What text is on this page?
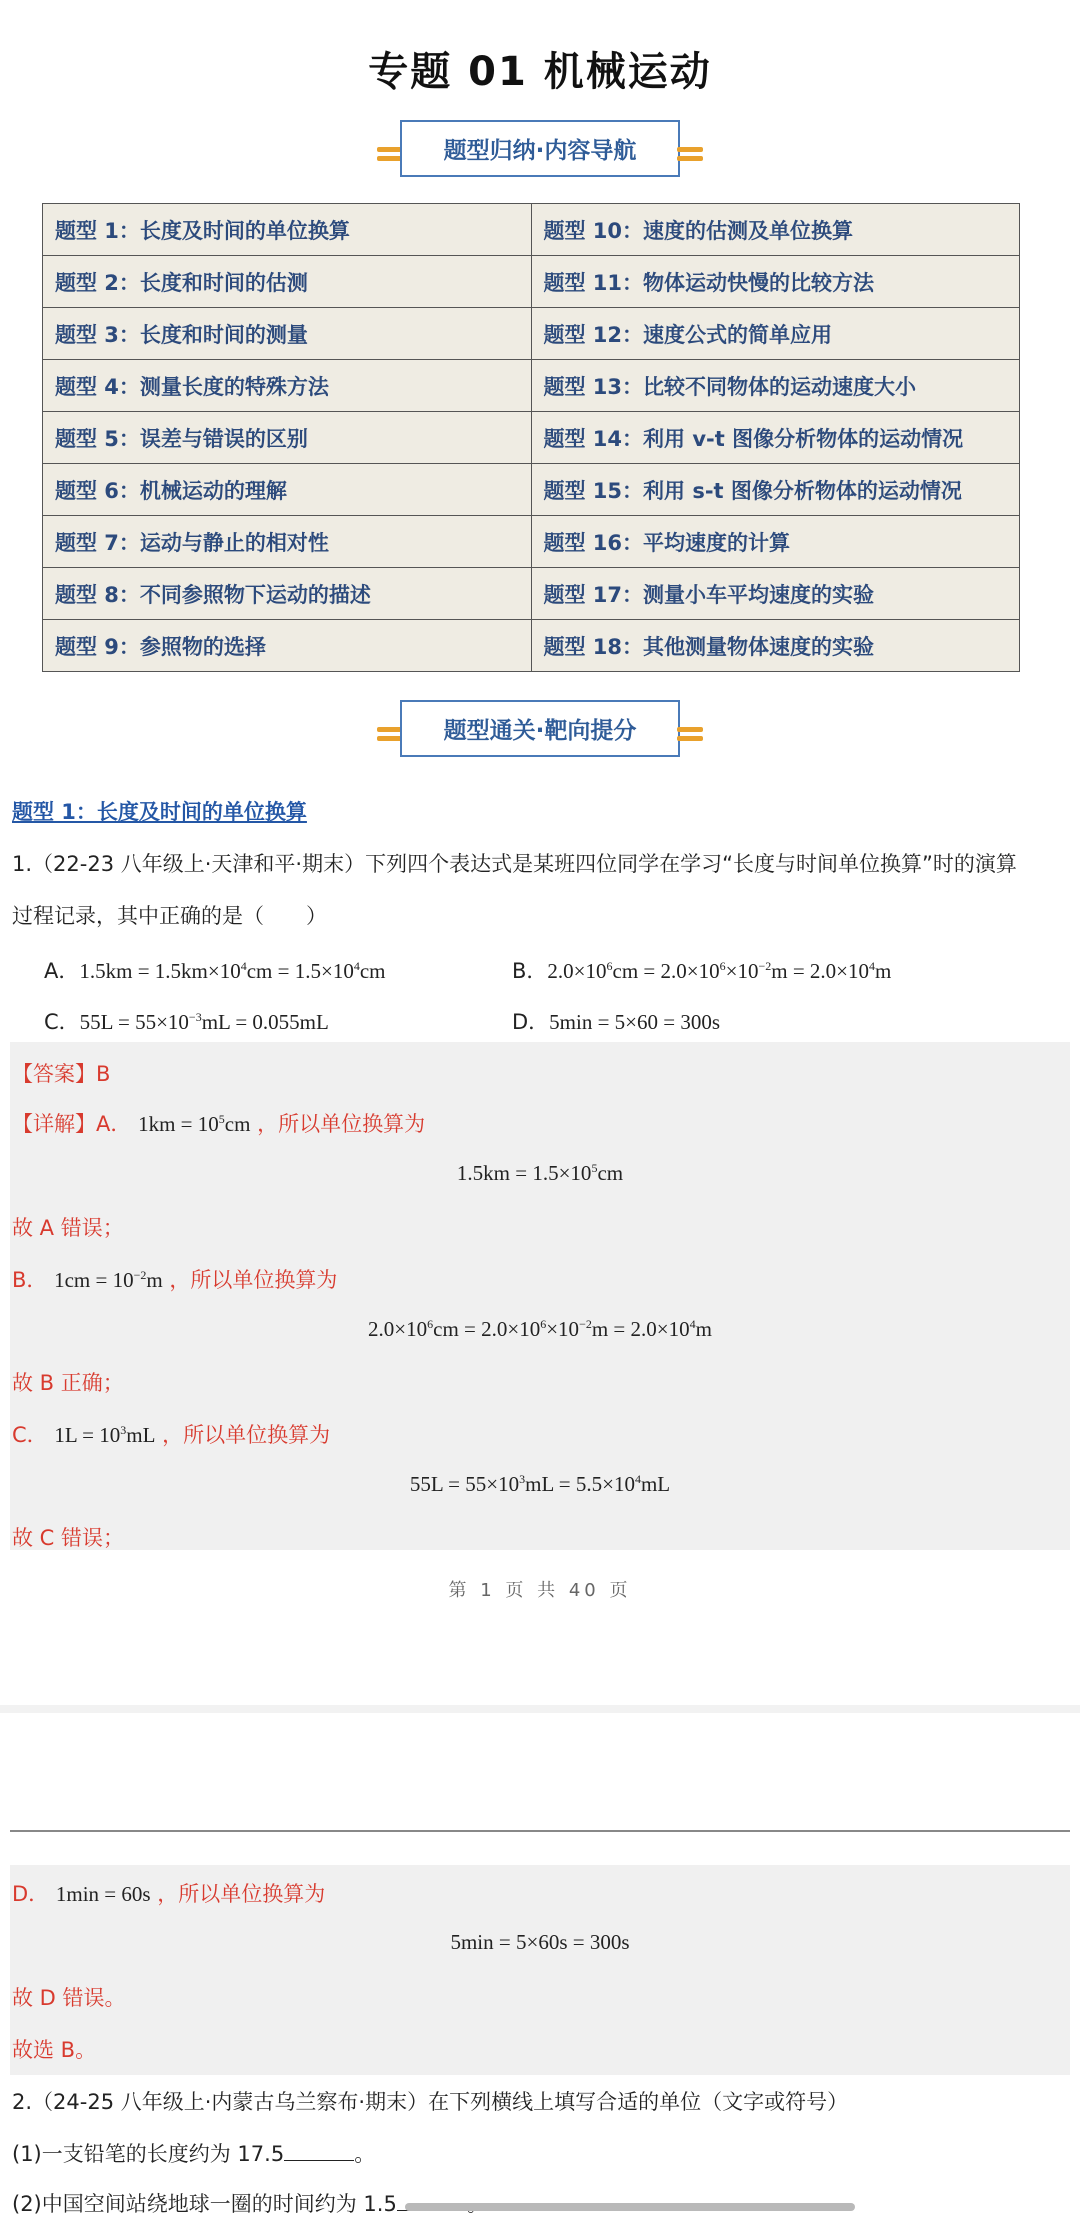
专题 01 机械运动
题型归纳·内容导航
题型 1：长度及时间的单位换算	题型 10：速度的估测及单位换算
题型 2：长度和时间的估测	题型 11：物体运动快慢的比较方法
题型 3：长度和时间的测量	题型 12：速度公式的简单应用
题型 4：测量长度的特殊方法	题型 13：比较不同物体的运动速度大小
题型 5：误差与错误的区别	题型 14：利用 v-t 图像分析物体的运动情况
题型 6：机械运动的理解	题型 15：利用 s-t 图像分析物体的运动情况
题型 7：运动与静止的相对性	题型 16：平均速度的计算
题型 8：不同参照物下运动的描述	题型 17：测量小车平均速度的实验
题型 9：参照物的选择	题型 18：其他测量物体速度的实验
题型通关·靶向提分
题型 1：长度及时间的单位换算
1.（22-23 八年级上·天津和平·期末）下列四个表达式是某班四位同学在学习“长度与时间单位换算”时的演算
过程记录，其中正确的是（　　）
A．$1.5km = 1.5km\times 10^4cm = 1.5\times 10^4cm$	B．$2.0\times 10^6cm = 2.0\times 10^6\times 10^{-2}m = 2.0\times 10^4m$
C．$55L = 55\times 10^{-3}mL = 0.055mL$	D．5min = 5×60 = 300s
【答案】B
【详解】A． $1km = 10^5cm$ ，所以单位换算为
$1.5km = 1.5\times 10^5cm$
故 A 错误；
B． $1cm = 10^{-2}m$ ，所以单位换算为
$2.0\times 10^6cm = 2.0\times 10^6\times 10^{-2}m = 2.0\times 10^4m$
故 B 正确；
C． $1L = 10^3mL$ ，所以单位换算为
$55L = 55\times 10^3mL = 5.5\times 10^4mL$
故 C 错误；
第 1 页 共 40 页
D． 1min = 60s ，所以单位换算为
5min = 5×60s = 300s
故 D 错误。
故选 B。
2.（24-25 八年级上·内蒙古乌兰察布·期末）在下列横线上填写合适的单位（文字或符号）
(1)一支铅笔的长度约为 17.5	。
(2)中国空间站绕地球一圈的时间约为 1.5
